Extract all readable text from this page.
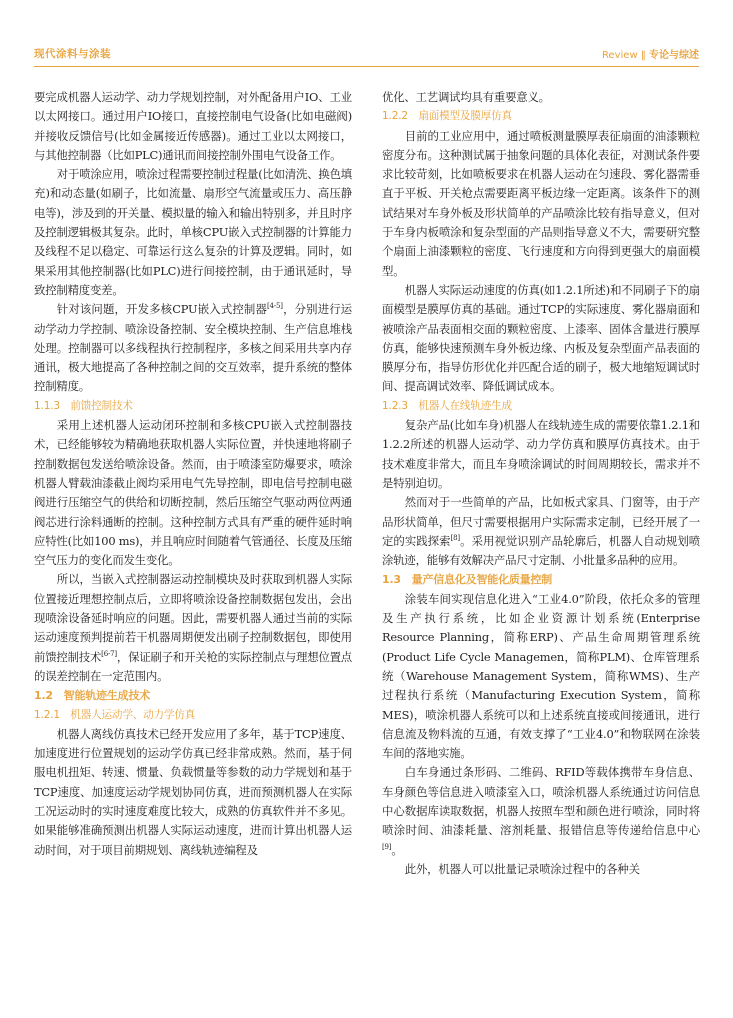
现代涂料与涂装	Review ‖ 专论与综述

要完成机器人运动学、动力学规划控制，对外配备用户IO、工业以太网接口。通过用户IO接口，直接控制电气设备(比如电磁阀)并接收反馈信号(比如金属接近传感器)。通过工业以太网接口，与其他控制器（比如PLC)通讯而间接控制外围电气设备工作。

对于喷涂应用，喷涂过程需要控制过程量(比如清洗、换色填充)和动态量(如刷子，比如流量、扇形空气流量或压力、高压静电等)，涉及到的开关量、模拟量的输入和输出特别多，并且时序及控制逻辑极其复杂。此时，单核CPU嵌入式控制器的计算能力及线程不足以稳定、可靠运行这么复杂的计算及逻辑。同时，如果采用其他控制器(比如PLC)进行间接控制，由于通讯延时，导致控制精度变差。

针对该问题，开发多核CPU嵌入式控制器[4-5]，分别进行运动学动力学控制、喷涂设备控制、安全模块控制、生产信息堆栈处理。控制器可以多线程执行控制程序，多核之间采用共享内存通讯，极大地提高了各种控制之间的交互效率，提升系统的整体控制精度。

1.1.3　前馈控制技术

采用上述机器人运动闭环控制和多核CPU嵌入式控制器技术，已经能够较为精确地获取机器人实际位置，并快速地将刷子控制数据包发送给喷涂设备。然而，由于喷漆室防爆要求，喷涂机器人臂载油漆截止阀均采用电气先导控制，即电信号控制电磁阀进行压缩空气的供给和切断控制，然后压缩空气驱动两位两通阀芯进行涂料通断的控制。这种控制方式具有严重的硬件延时响应特性(比如100 ms)，并且响应时间随着气管通径、长度及压缩空气压力的变化而发生变化。

所以，当嵌入式控制器运动控制模块及时获取到机器人实际位置接近理想控制点后，立即将喷涂设备控制数据包发出，会出现喷涂设备延时响应的问题。因此，需要机器人通过当前的实际运动速度预判提前若干机器周期便发出刷子控制数据包，即使用前馈控制技术[6-7]，保证刷子和开关枪的实际控制点与理想位置点的误差控制在一定范围内。

1.2　智能轨迹生成技术
1.2.1　机器人运动学、动力学仿真

机器人离线仿真技术已经开发应用了多年，基于TCP速度、加速度进行位置规划的运动学仿真已经非常成熟。然而，基于伺服电机扭矩、转速、惯量、负载惯量等参数的动力学规划和基于TCP速度、加速度运动学规划协同仿真，进而预测机器人在实际工况运动时的实时速度难度比较大，成熟的仿真软件并不多见。如果能够准确预测出机器人实际运动速度，进而计算出机器人运动时间，对于项目前期规划、离线轨迹编程及

优化、工艺调试均具有重要意义。

1.2.2　扇面模型及膜厚仿真

目前的工业应用中，通过喷板测量膜厚表征扇面的油漆颗粒密度分布。这种测试属于抽象问题的具体化表征，对测试条件要求比较苛刻，比如喷板要求在机器人运动在匀速段、雾化器需垂直于平板、开关枪点需要距离平板边缘一定距离。该条件下的测试结果对车身外板及形状简单的产品喷涂比较有指导意义，但对于车身内板喷涂和复杂型面的产品则指导意义不大，需要研究整个扇面上油漆颗粒的密度、飞行速度和方向得到更强大的扇面模型。

机器人实际运动速度的仿真(如1.2.1所述)和不同刷子下的扇面模型是膜厚仿真的基础。通过TCP的实际速度、雾化器扇面和被喷涂产品表面相交面的颗粒密度、上漆率、固体含量进行膜厚仿真，能够快速预测车身外板边缘、内板及复杂型面产品表面的膜厚分布，指导仿形优化并匹配合适的刷子，极大地缩短调试时间、提高调试效率、降低调试成本。

1.2.3　机器人在线轨迹生成

复杂产品(比如车身)机器人在线轨迹生成的需要依靠1.2.1和1.2.2所述的机器人运动学、动力学仿真和膜厚仿真技术。由于技术难度非常大，而且车身喷涂调试的时间周期较长，需求并不是特别迫切。

然而对于一些简单的产品，比如板式家具、门窗等，由于产品形状简单，但尺寸需要根据用户实际需求定制，已经开展了一定的实践探索[8]。采用视觉识别产品轮廓后，机器人自动规划喷涂轨迹，能够有效解决产品尺寸定制、小批量多品种的应用。

1.3　量产信息化及智能化质量控制

涂装车间实现信息化进入“工业4.0”阶段，依托众多的管理及生产执行系统，比如企业资源计划系统(Enterprise Resource Planning，简称ERP)、产品生命周期管理系统(Product Life Cycle Managemen，简称PLM)、仓库管理系统（Warehouse Management System，简称WMS)、生产过程执行系统（Manufacturing Execution System，简称MES)，喷涂机器人系统可以和上述系统直接或间接通讯，进行信息流及物料流的互通，有效支撑了“工业4.0”和物联网在涂装车间的落地实施。

白车身通过条形码、二维码、RFID等载体携带车身信息、车身颜色等信息进入喷漆室入口，喷涂机器人系统通过访问信息中心数据库读取数据，机器人按照车型和颜色进行喷涂，同时将喷涂时间、油漆耗量、溶剂耗量、报错信息等传递给信息中心[9]。

此外，机器人可以批量记录喷涂过程中的各种关
